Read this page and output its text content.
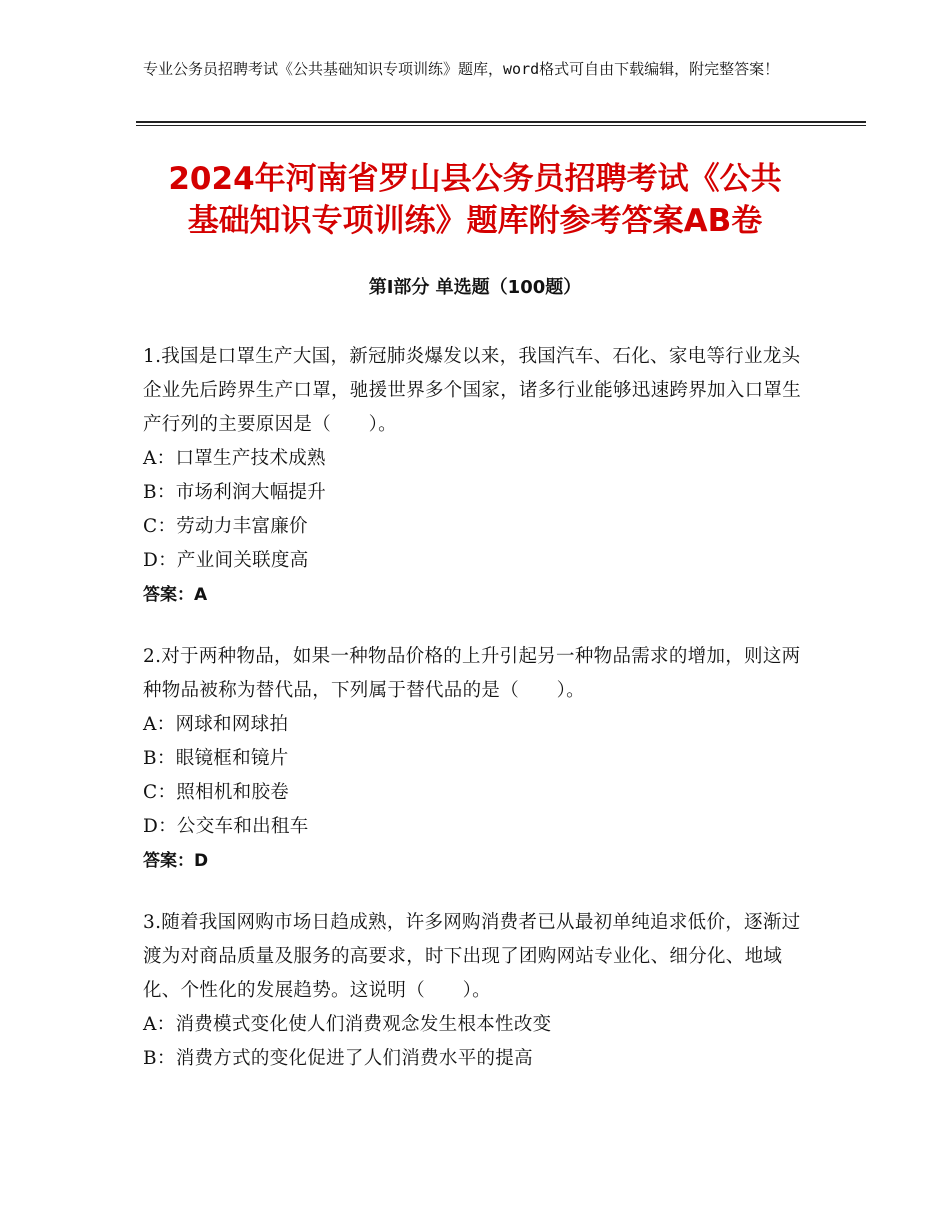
专业公务员招聘考试《公共基础知识专项训练》题库，word格式可自由下载编辑，附完整答案！
2024年河南省罗山县公务员招聘考试《公共
基础知识专项训练》题库附参考答案AB卷
第I部分 单选题（100题）

1.我国是口罩生产大国，新冠肺炎爆发以来，我国汽车、石化、家电等行业龙头企业先后跨界生产口罩，驰援世界多个国家，诸多行业能够迅速跨界加入口罩生产行列的主要原因是（　　）。

A：口罩生产技术成熟

B：市场利润大幅提升

C：劳动力丰富廉价

D：产业间关联度高

答案：A

2.对于两种物品，如果一种物品价格的上升引起另一种物品需求的增加，则这两种物品被称为替代品，下列属于替代品的是（　　）。

A：网球和网球拍

B：眼镜框和镜片

C：照相机和胶卷

D：公交车和出租车

答案：D

3.随着我国网购市场日趋成熟，许多网购消费者已从最初单纯追求低价，逐渐过渡为对商品质量及服务的高要求，时下出现了团购网站专业化、细分化、地域化、个性化的发展趋势。这说明（　　）。

A：消费模式变化使人们消费观念发生根本性改变

B：消费方式的变化促进了人们消费水平的提高
